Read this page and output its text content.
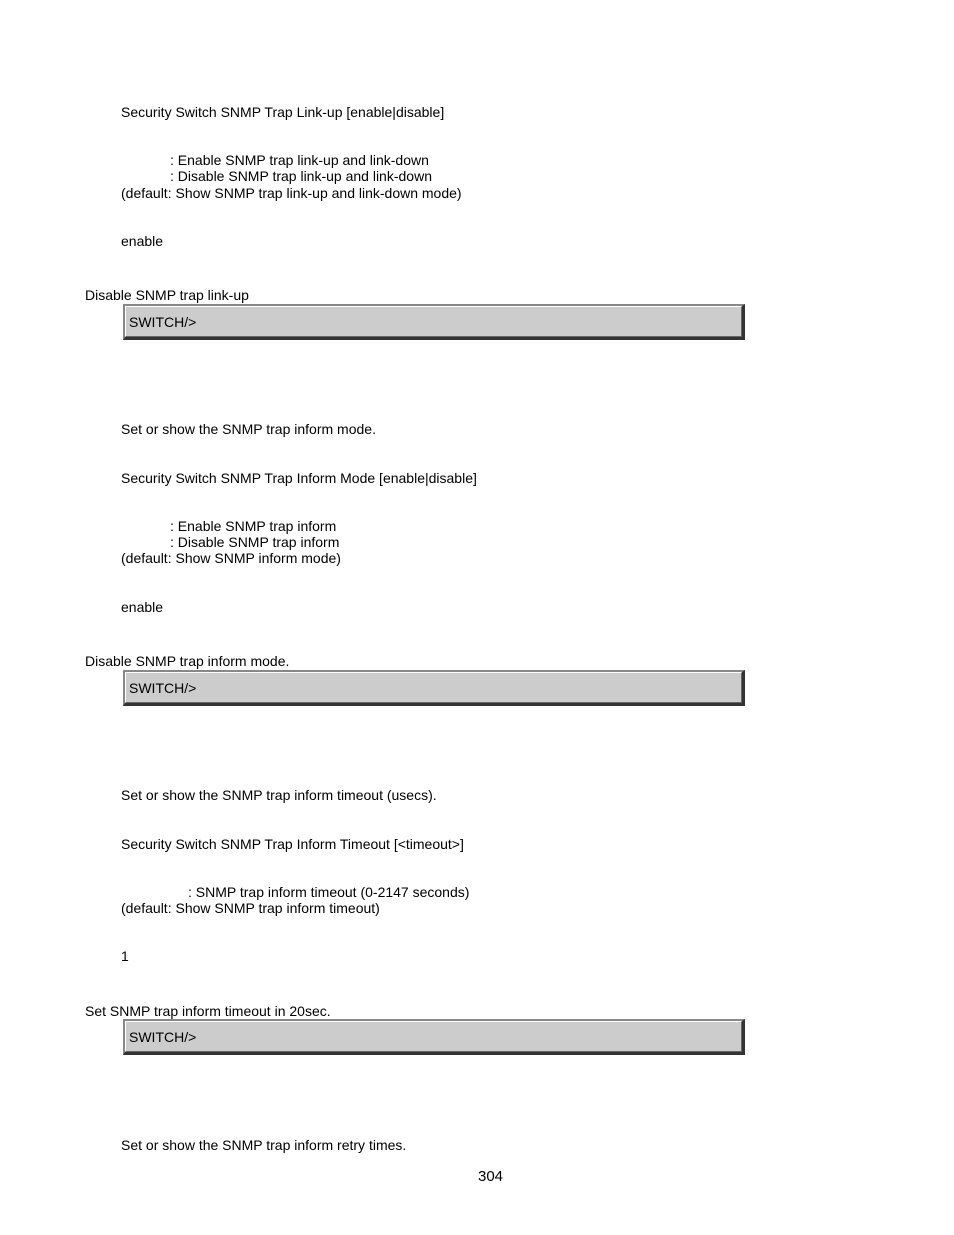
Security Switch SNMP Trap Link-up [enable|disable]
: Enable SNMP trap link-up and link-down
: Disable SNMP trap link-up and link-down
(default: Show SNMP trap link-up and link-down mode)
enable
Disable SNMP trap link-up
SWITCH/>
Set or show the SNMP trap inform mode.
Security Switch SNMP Trap Inform Mode [enable|disable]
: Enable SNMP trap inform
: Disable SNMP trap inform
(default: Show SNMP inform mode)
enable
Disable SNMP trap inform mode.
SWITCH/>
Set or show the SNMP trap inform timeout (usecs).
Security Switch SNMP Trap Inform Timeout [<timeout>]
: SNMP trap inform timeout (0-2147 seconds)
(default: Show SNMP trap inform timeout)
1
Set SNMP trap inform timeout in 20sec.
SWITCH/>
Set or show the SNMP trap inform retry times.
304
